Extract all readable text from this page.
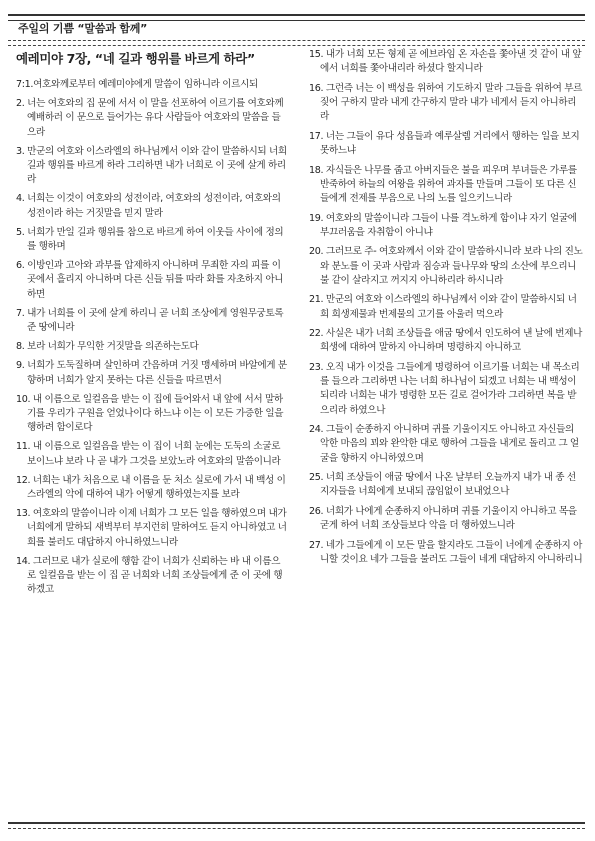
주일의 기쁨 “말씀과 함께”
예레미야 7장, “네 길과 행위를 바르게 하라”

7:1.여호와께로부터 예레미야에게 말씀이 임하니라 이르시되

2. 너는 여호와의 집 문에 서서 이 말을 선포하여 이르기를 여호와께 예배하러 이 문으로 들어가는 유다 사람들아 여호와의 말씀을 들으라

3. 만군의 여호와 이스라엘의 하나님께서 이와 같이 말씀하시되 너희 길과 행위를 바르게 하라 그리하면 내가 너희로 이 곳에 살게 하리라

4. 너희는 이것이 여호와의 성전이라, 여호와의 성전이라, 여호와의 성전이라 하는 거짓말을 믿지 말라

5. 너희가 만일 길과 행위를 참으로 바르게 하여 이웃들 사이에 정의를 행하며

6. 이방인과 고아와 과부를 압제하지 아니하며 무죄한 자의 피를 이 곳에서 흘리지 아니하며 다른 신들 뒤를 따라 화를 자초하지 아니하면

7. 내가 너희를 이 곳에 살게 하리니 곧 너희 조상에게 영원무궁토록 준 땅에니라

8. 보라 너희가 무익한 거짓말을 의존하는도다

9. 너희가 도둑질하며 살인하며 간음하며 거짓 맹세하며 바알에게 분향하며 너희가 알지 못하는 다른 신들을 따르면서

10. 내 이름으로 일컬음을 받는 이 집에 들어와서 내 앞에 서서 말하기를 우리가 구원을 얻었나이다 하느냐 이는 이 모든 가증한 일을 행하려 함이로다

11. 내 이름으로 일컬음을 받는 이 집이 너희 눈에는 도둑의 소굴로 보이느냐 보라 나 곧 내가 그것을 보았노라 여호와의 말씀이니라

12. 너희는 내가 처음으로 내 이름을 둔 처소 실로에 가서 내 백성 이스라엘의 악에 대하여 내가 어떻게 행하였는지를 보라

13. 여호와의 말씀이니라 이제 너희가 그 모든 일을 행하였으며 내가 너희에게 말하되 새벽부터 부지런히 말하여도 듣지 아니하였고 너희를 불러도 대답하지 아니하였느니라

14. 그러므로 내가 실로에 행함 같이 너희가 신뢰하는 바 내 이름으로 일컬음을 받는 이 집 곧 너희와 너희 조상들에게 준 이 곳에 행하겠고

15. 내가 너희 모든 형제 곧 에브라임 온 자손을 쫓아낸 것 같이 내 앞에서 너희를 쫓아내리라 하셨다 할지니라

16. 그런즉 너는 이 백성을 위하여 기도하지 말라 그들을 위하여 부르짖어 구하지 말라 내게 간구하지 말라 내가 네게서 듣지 아니하리라

17. 너는 그들이 유다 성읍들과 예루살렘 거리에서 행하는 일을 보지 못하느냐

18. 자식들은 나무를 줍고 아버지들은 불을 피우며 부녀들은 가루를 반죽하여 하늘의 여왕을 위하여 과자를 만들며 그들이 또 다른 신들에게 전제를 부음으로 나의 노를 일으키느니라

19. 여호와의 말씀이니라 그들이 나를 격노하게 함이냐 자기 얼굴에 부끄러움을 자취함이 아니냐

20. 그러므로 주- 여호와께서 이와 같이 말씀하시니라 보라 나의 진노와 분노를 이 곳과 사람과 짐승과 들나무와 땅의 소산에 부으리니 불 같이 살라지고 꺼지지 아니하리라 하시니라

21. 만군의 여호와 이스라엘의 하나님께서 이와 같이 말씀하시되 너희 희생제물과 번제물의 고기를 아울러 먹으라

22. 사실은 내가 너희 조상들을 애굽 땅에서 인도하여 낸 날에 번제나 희생에 대하여 말하지 아니하며 명령하지 아니하고

23. 오직 내가 이것을 그들에게 명령하여 이르기를 너희는 내 목소리를 들으라 그리하면 나는 너희 하나님이 되겠고 너희는 내 백성이 되리라 너희는 내가 명령한 모든 길로 걸어가라 그리하면 복을 받으리라 하였으나

24. 그들이 순종하지 아니하며 귀를 기울이지도 아니하고 자신들의 악한 마음의 꾀와 완악한 대로 행하여 그들을 내게로 돌리고 그 얼굴을 향하지 아니하였으며

25. 너희 조상들이 애굽 땅에서 나온 날부터 오늘까지 내가 내 종 선지자들을 너희에게 보내되 끊임없이 보내었으나

26. 너희가 나에게 순종하지 아니하며 귀를 기울이지 아니하고 목을 굳게 하여 너희 조상들보다 악을 더 행하였느니라

27. 네가 그들에게 이 모든 말을 할지라도 그들이 너에게 순종하지 아니할 것이요 네가 그들을 불러도 그들이 네게 대답하지 아니하리니
